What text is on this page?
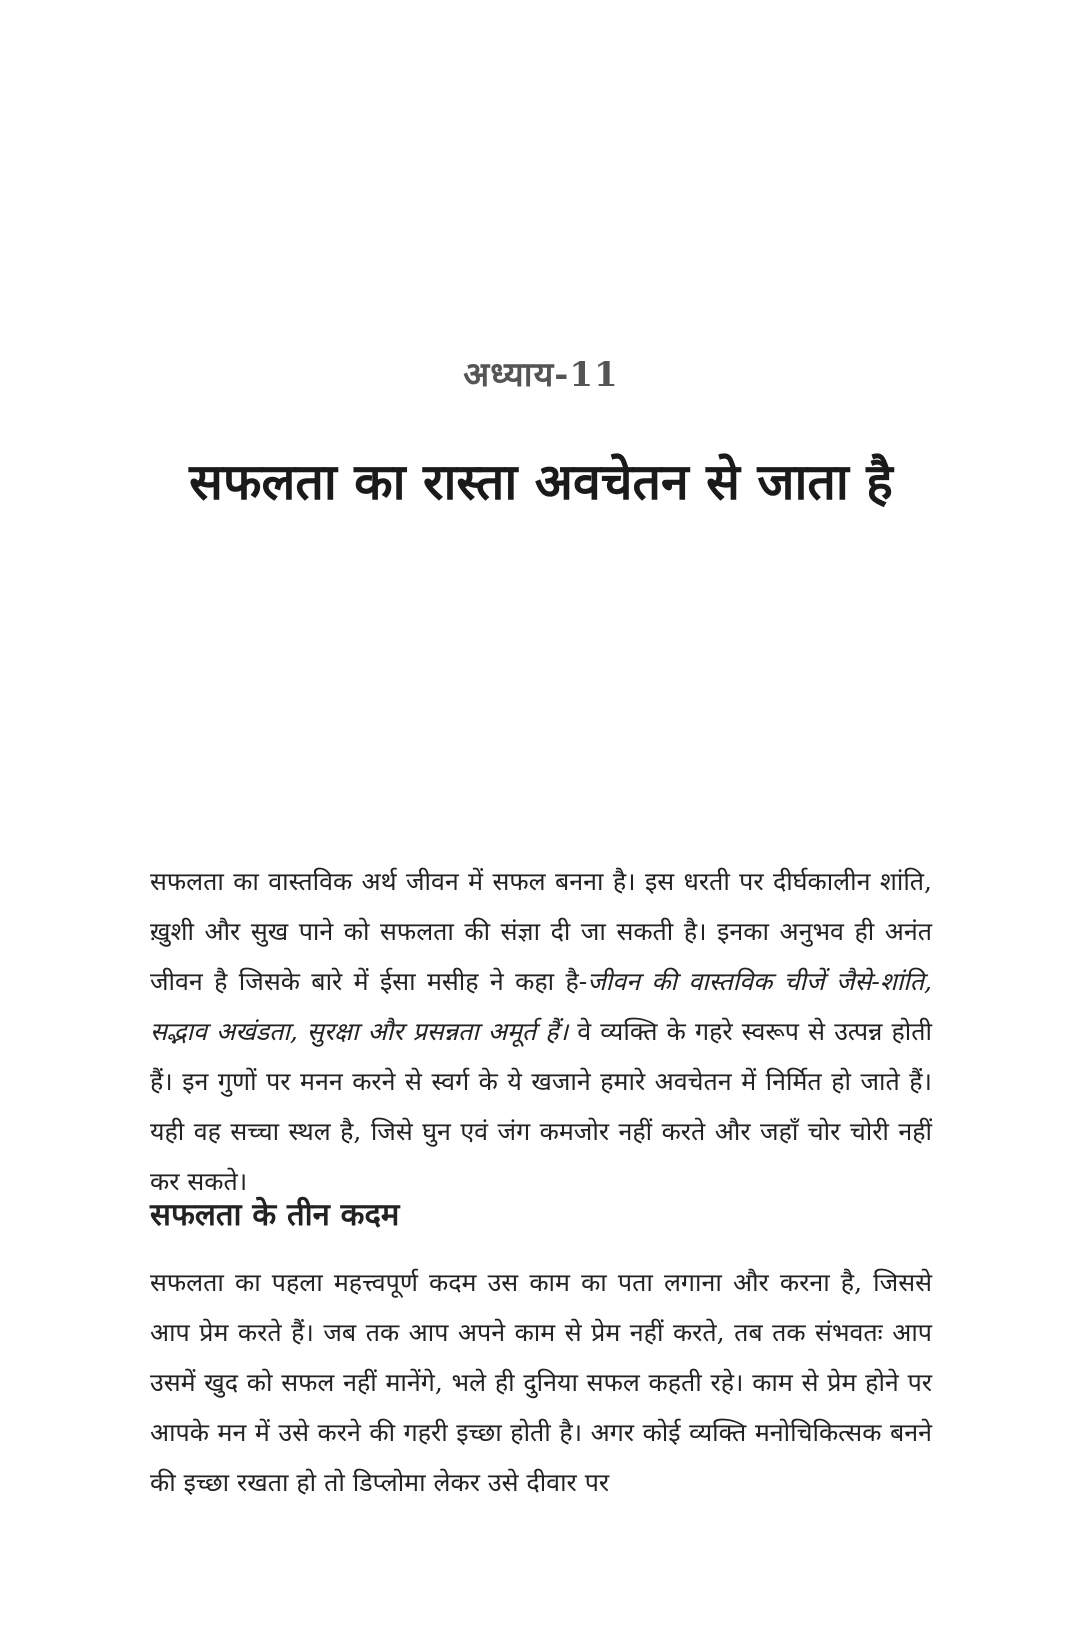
अध्याय-11
सफलता का रास्ता अवचेतन से जाता है

सफलता का वास्तविक अर्थ जीवन में सफल बनना है। इस धरती पर दीर्घकालीन शांति, ख़ुशी और सुख पाने को सफलता की संज्ञा दी जा सकती है। इनका अनुभव ही अनंत जीवन है जिसके बारे में ईसा मसीह ने कहा है-जीवन की वास्तविक चीजें जैसे-शांति, सद्भाव अखंडता, सुरक्षा और प्रसन्नता अमूर्त हैं। वे व्यक्ति के गहरे स्वरूप से उत्पन्न होती हैं। इन गुणों पर मनन करने से स्वर्ग के ये खजाने हमारे अवचेतन में निर्मित हो जाते हैं। यही वह सच्चा स्थल है, जिसे घुन एवं जंग कमजोर नहीं करते और जहाँ चोर चोरी नहीं कर सकते।

सफलता के तीन कदम

सफलता का पहला महत्त्वपूर्ण कदम उस काम का पता लगाना और करना है, जिससे आप प्रेम करते हैं। जब तक आप अपने काम से प्रेम नहीं करते, तब तक संभवतः आप उसमें खुद को सफल नहीं मानेंगे, भले ही दुनिया सफल कहती रहे। काम से प्रेम होने पर आपके मन में उसे करने की गहरी इच्छा होती है। अगर कोई व्यक्ति मनोचिकित्सक बनने की इच्छा रखता हो तो डिप्लोमा लेकर उसे दीवार पर
